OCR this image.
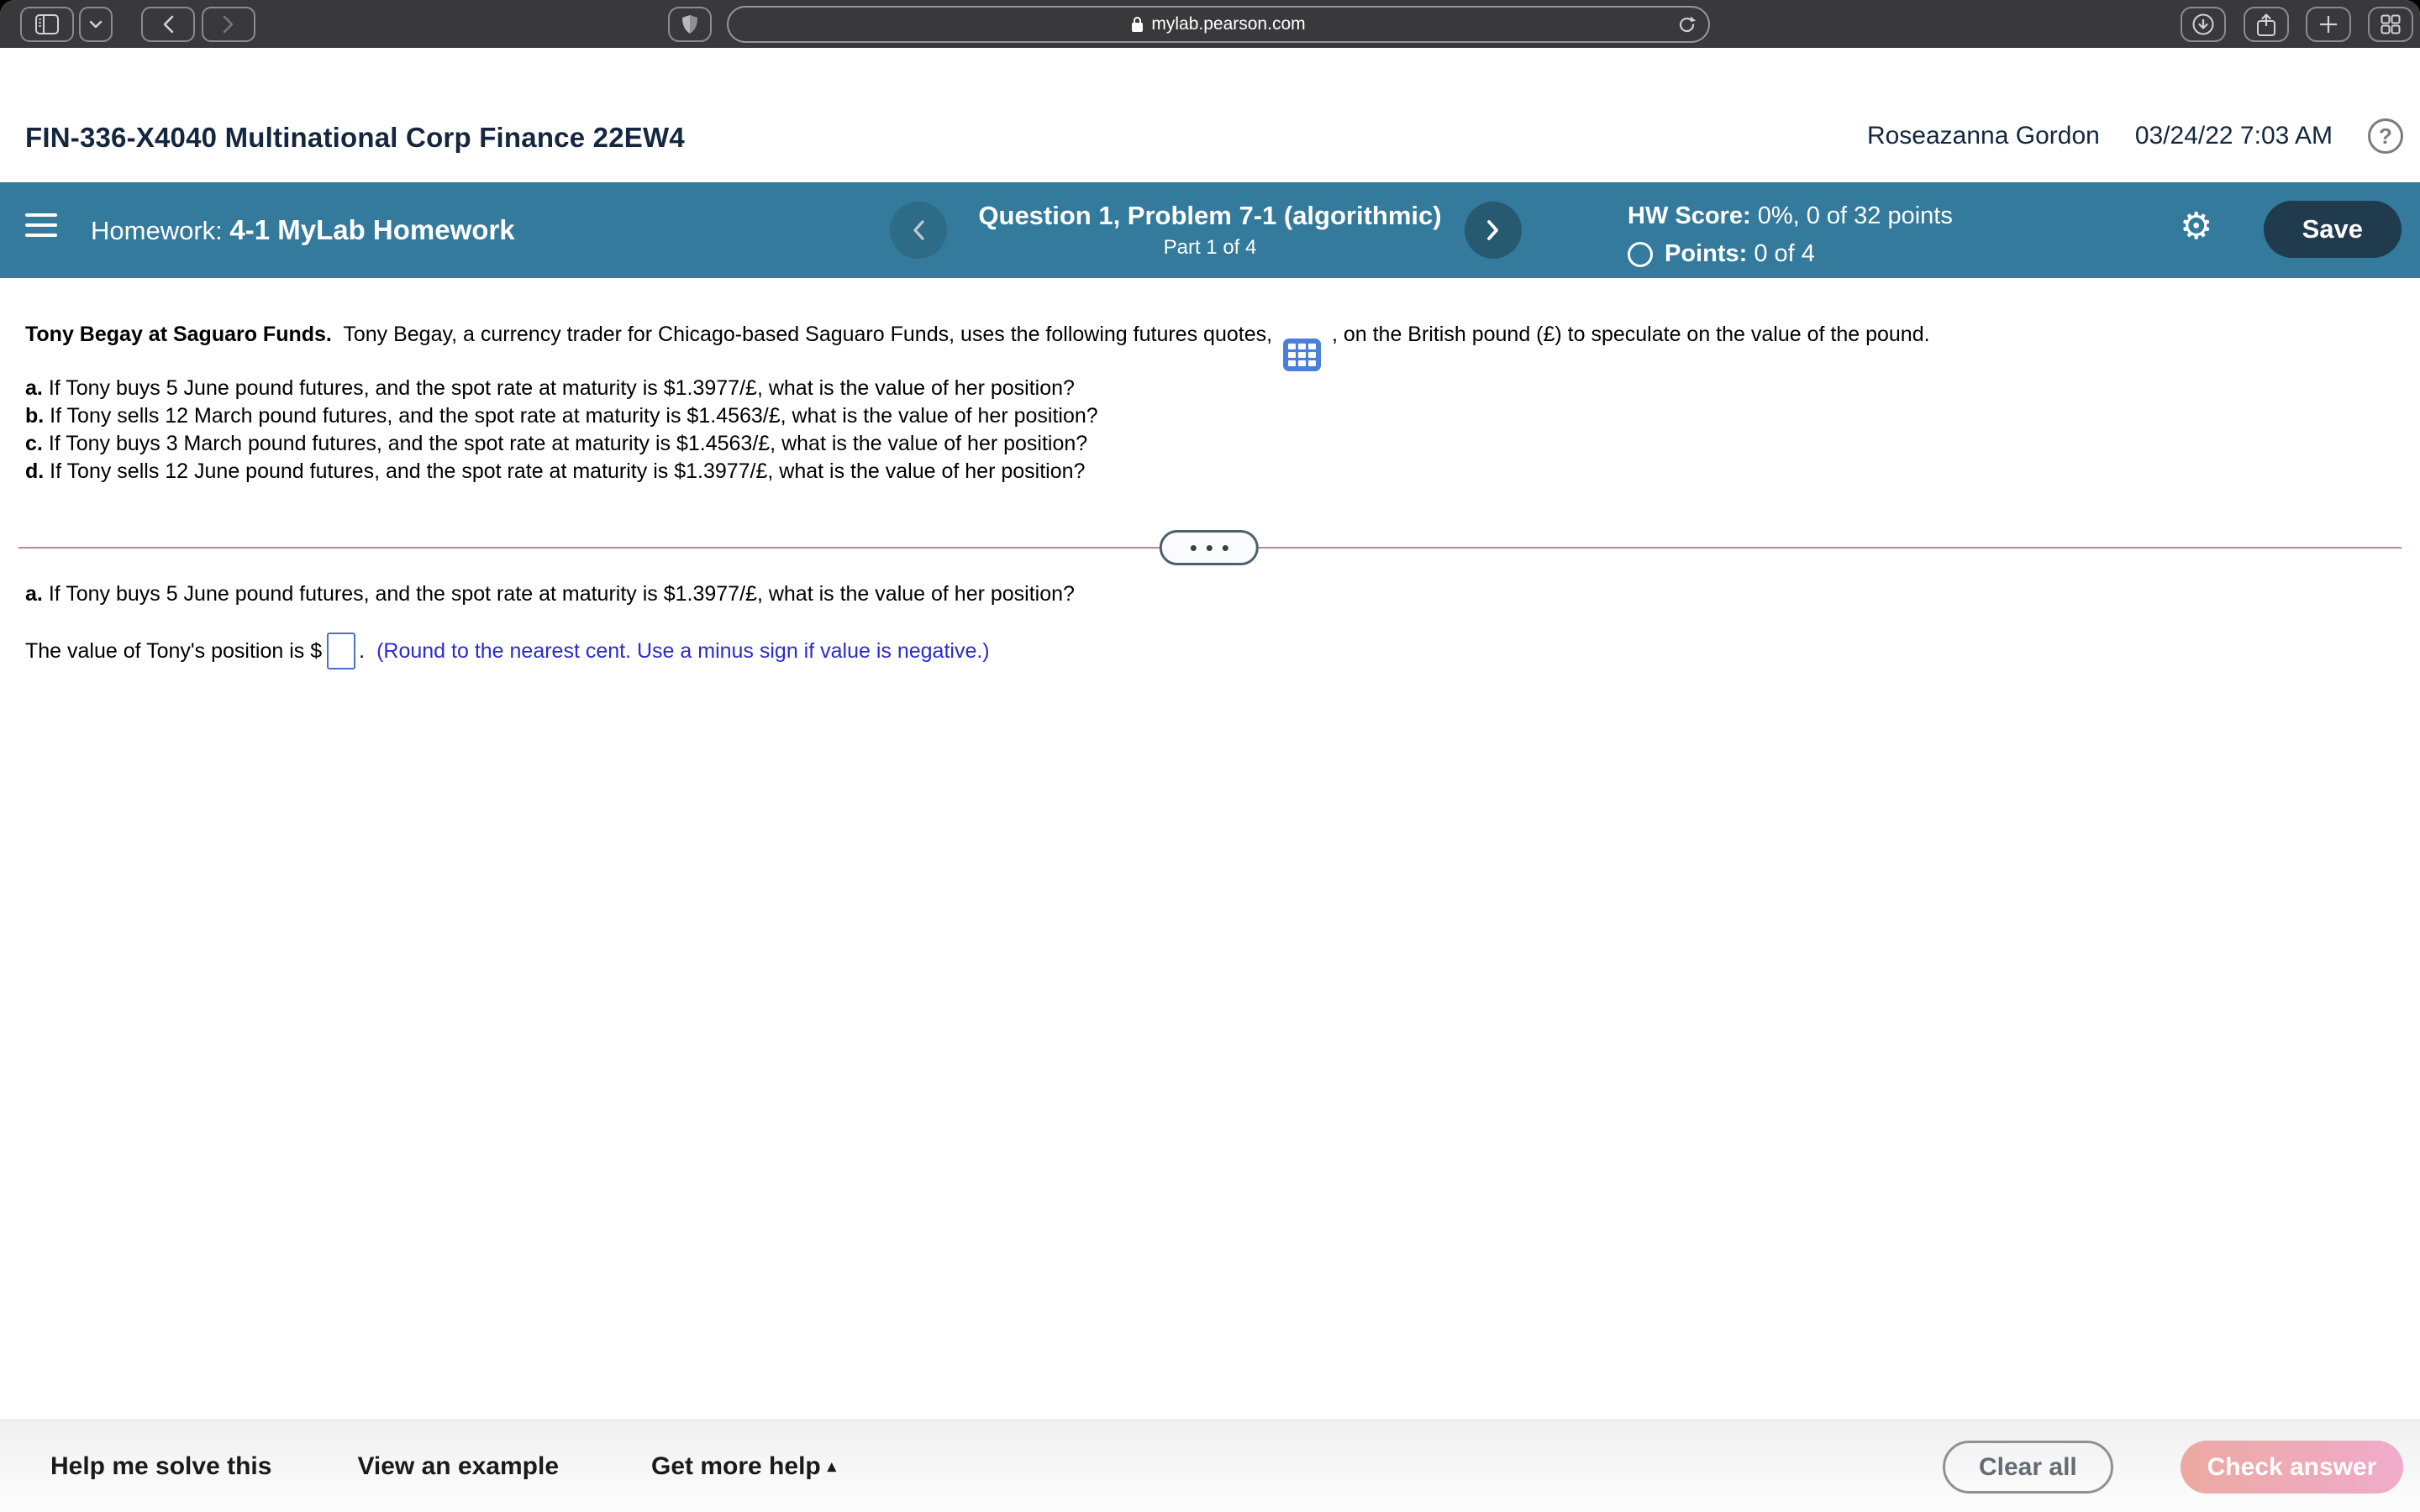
mylab.pearson.com
FIN-336-X4040 Multinational Corp Finance 22EW4	Roseazanna Gordon 03/24/22 7:03 AM ?
Homework: 4-1 MyLab Homework	Question 1, Problem 7-1 (algorithmic)
Part 1 of 4
HW Score: 0%, 0 of 32 points
Points: 0 of 4
⚙	Save
Tony Begay at Saguaro Funds. Tony Begay, a currency trader for Chicago-based Saguaro Funds, uses the following futures quotes,	, on the British pound (£) to speculate on the value of the pound.
a. If Tony buys 5 June pound futures, and the spot rate at maturity is $1.3977/£, what is the value of her position?
b. If Tony sells 12 March pound futures, and the spot rate at maturity is $1.4563/£, what is the value of her position?
c. If Tony buys 3 March pound futures, and the spot rate at maturity is $1.4563/£, what is the value of her position?
d. If Tony sells 12 June pound futures, and the spot rate at maturity is $1.3977/£, what is the value of her position?
a. If Tony buys 5 June pound futures, and the spot rate at maturity is $1.3977/£, what is the value of her position?
The value of Tony's position is $ . (Round to the nearest cent. Use a minus sign if value is negative.)
Help me solve this	View an example	Get more help ▴	Clear all	Check answer
